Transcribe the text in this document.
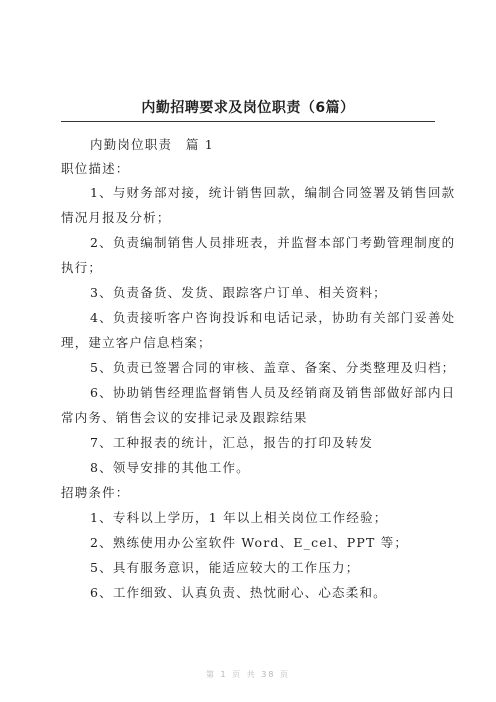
内勤招聘要求及岗位职责（6篇）
内勤岗位职责　篇 1
职位描述：
1、与财务部对接，统计销售回款，编制合同签署及销售回款
情况月报及分析；
2、负责编制销售人员排班表，并监督本部门考勤管理制度的
执行；
3、负责备货、发货、跟踪客户订单、相关资料；
4、负责接听客户咨询投诉和电话记录，协助有关部门妥善处
理，建立客户信息档案；
5、负责已签署合同的审核、盖章、备案、分类整理及归档；
6、协助销售经理监督销售人员及经销商及销售部做好部内日
常内务、销售会议的安排记录及跟踪结果
7、工种报表的统计，汇总，报告的打印及转发
8、领导安排的其他工作。
招聘条件：
1、专科以上学历，1 年以上相关岗位工作经验；
2、熟练使用办公室软件 Word、E_cel、PPT 等；
5、具有服务意识，能适应较大的工作压力；
6、工作细致、认真负责、热忱耐心、心态柔和。
第 1 页 共 38 页
